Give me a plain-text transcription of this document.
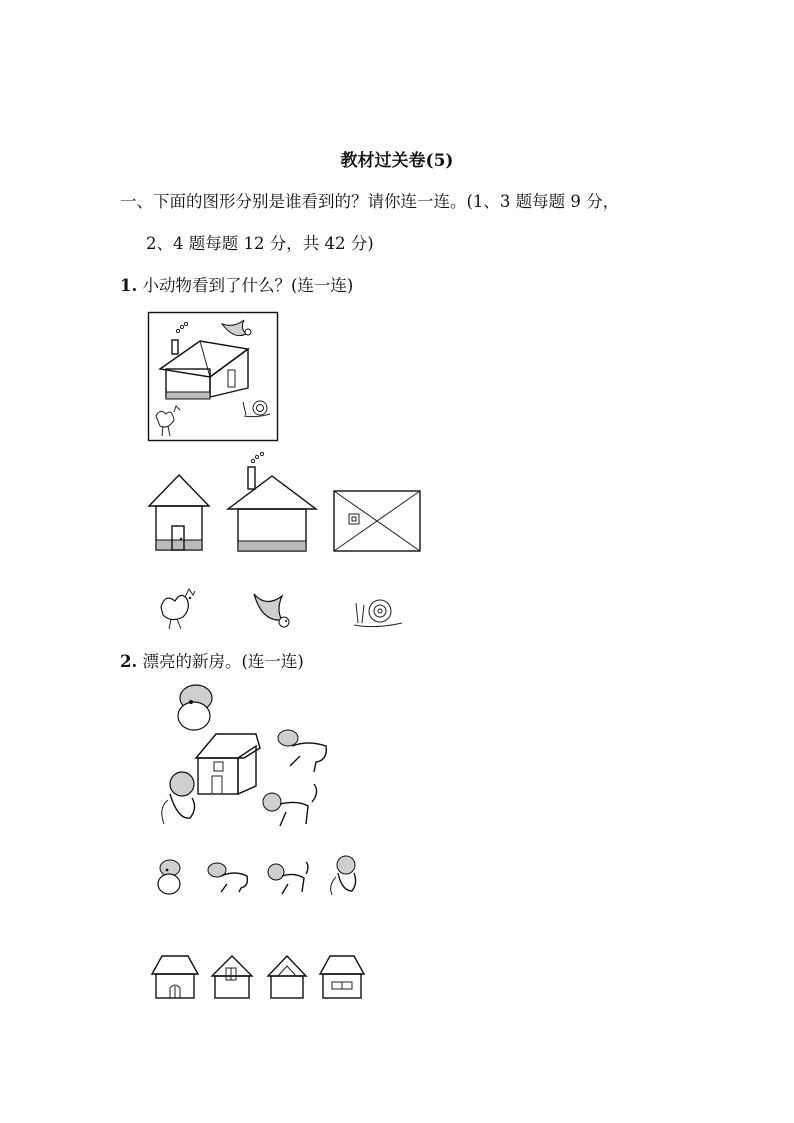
教材过关卷(5)
一、下面的图形分别是谁看到的？请你连一连。(1、3 题每题 9 分，
2、4 题每题 12 分，共 42 分)
1. 小动物看到了什么？(连一连)
2. 漂亮的新房。(连一连)
